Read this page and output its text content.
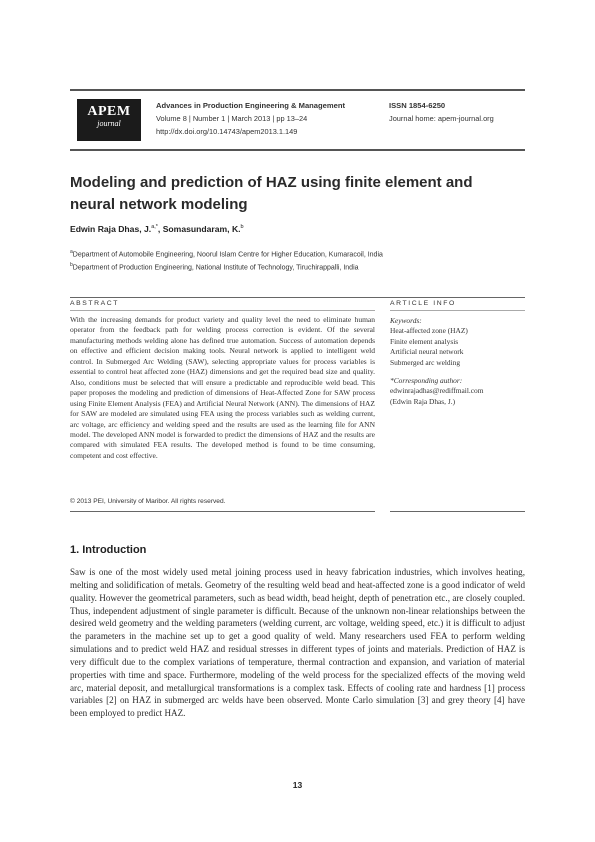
APEM
journal
Advances in Production Engineering & Management
Volume 8 | Number 1 | March 2013 | pp 13–24
http://dx.doi.org/10.14743/apem2013.1.149
ISSN 1854-6250
Journal home: apem-journal.org
Modeling and prediction of HAZ using finite element and neural network modeling
Edwin Raja Dhas, J.$^{a,*}$, Somasundaram, K.$^b$
$^a$Department of Automobile Engineering, Noorul Islam Centre for Higher Education, Kumaracoil, India
$^b$Department of Production Engineering, National Institute of Technology, Tiruchirappalli, India
ABSTRACT	ARTICLE INFO

With the increasing demands for product variety and quality level the need to eliminate human operator from the feedback path for welding process correction is evident. Of the several manufacturing methods welding alone has defined true automation. Success of automation depends on effective and efficient decision making tools. Neural network is applied to intelligent weld control. In Submerged Arc Welding (SAW), selecting appropriate values for process variables is essential to control heat affected zone (HAZ) dimensions and get the required bead size and quality. Also, conditions must be selected that will ensure a predictable and reproducible weld bead. This paper proposes the modeling and prediction of dimensions of Heat-Affected Zone for SAW process using Finite Element Analysis (FEA) and Artificial Neural Network (ANN). The dimensions of HAZ for SAW are modeled are simulated using FEA using the process variables such as welding current, arc voltage, arc efficiency and welding speed and the results are used as the learning file for ANN model. The developed ANN model is forwarded to predict the dimensions of HAZ and the results are compared with simulated FEA results. The developed method is found to be time consuming, competent and cost effective.

© 2013 PEI, University of Maribor. All rights reserved.
Keywords:
Heat-affected zone (HAZ)
Finite element analysis
Artificial neural network
Submerged arc welding
*Corresponding author:
edwinrajadhas@rediffmail.com
(Edwin Raja Dhas, J.)
1. Introduction

Saw is one of the most widely used metal joining process used in heavy fabrication industries, which involves heating, melting and solidification of metals. Geometry of the resulting weld bead and heat-affected zone is a good indicator of weld quality. However the geometrical parameters, such as bead width, bead height, depth of penetration etc., are closely coupled. Thus, independent adjustment of single parameter is difficult. Because of the unknown non-linear relationships between the desired weld geometry and the welding parameters (welding current, arc voltage, welding speed, etc.) it is difficult to adjust the parameters in the machine set up to get a good quality of weld. Many researchers used FEA to perform welding simulations and to predict weld HAZ and residual stresses in different types of joints and materials. Prediction of HAZ is very difficult due to the complex variations of temperature, thermal contraction and expansion, and variation of material properties with time and space. Furthermore, modeling of the weld process for the specialized effects of the moving weld arc, material deposit, and metallurgical transformations is a complex task. Effects of cooling rate and hardness [1] process variables [2] on HAZ in submerged arc welds have been observed. Monte Carlo simulation [3] and grey theory [4] have been employed to predict HAZ.

13
